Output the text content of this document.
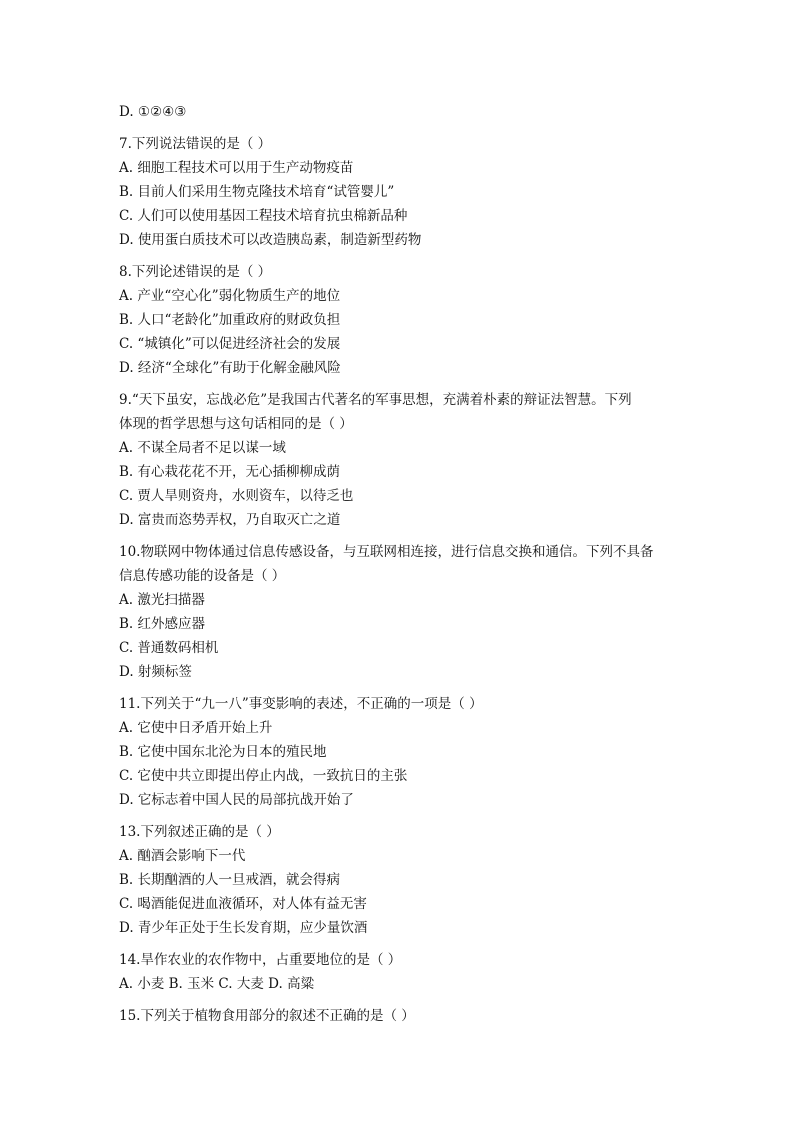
D. ①②④③
7.下列说法错误的是（ ）
A. 细胞工程技术可以用于生产动物疫苗
B. 目前人们采用生物克隆技术培育“试管婴儿”
C. 人们可以使用基因工程技术培育抗虫棉新品种
D. 使用蛋白质技术可以改造胰岛素，制造新型药物
8.下列论述错误的是（ ）
A. 产业“空心化”弱化物质生产的地位
B. 人口“老龄化”加重政府的财政负担
C. “城镇化”可以促进经济社会的发展
D. 经济“全球化”有助于化解金融风险
9.“天下虽安，忘战必危”是我国古代著名的军事思想，充满着朴素的辩证法智慧。下列
体现的哲学思想与这句话相同的是（ ）
A. 不谋全局者不足以谋一域
B. 有心栽花花不开，无心插柳柳成荫
C. 贾人旱则资舟，水则资车，以待乏也
D. 富贵而恣势弄权，乃自取灭亡之道
10.物联网中物体通过信息传感设备，与互联网相连接，进行信息交换和通信。下列不具备
信息传感功能的设备是（ ）
A. 激光扫描器
B. 红外感应器
C. 普通数码相机
D. 射频标签
11.下列关于“九一八”事变影响的表述，不正确的一项是（ ）
A. 它使中日矛盾开始上升
B. 它使中国东北沦为日本的殖民地
C. 它使中共立即提出停止内战，一致抗日的主张
D. 它标志着中国人民的局部抗战开始了
13.下列叙述正确的是（ ）
A. 酗酒会影响下一代
B. 长期酗酒的人一旦戒酒，就会得病
C. 喝酒能促进血液循环，对人体有益无害
D. 青少年正处于生长发育期，应少量饮酒
14.旱作农业的农作物中，占重要地位的是（ ）
A. 小麦 B. 玉米 C. 大麦 D. 高粱
15.下列关于植物食用部分的叙述不正确的是（ ）
